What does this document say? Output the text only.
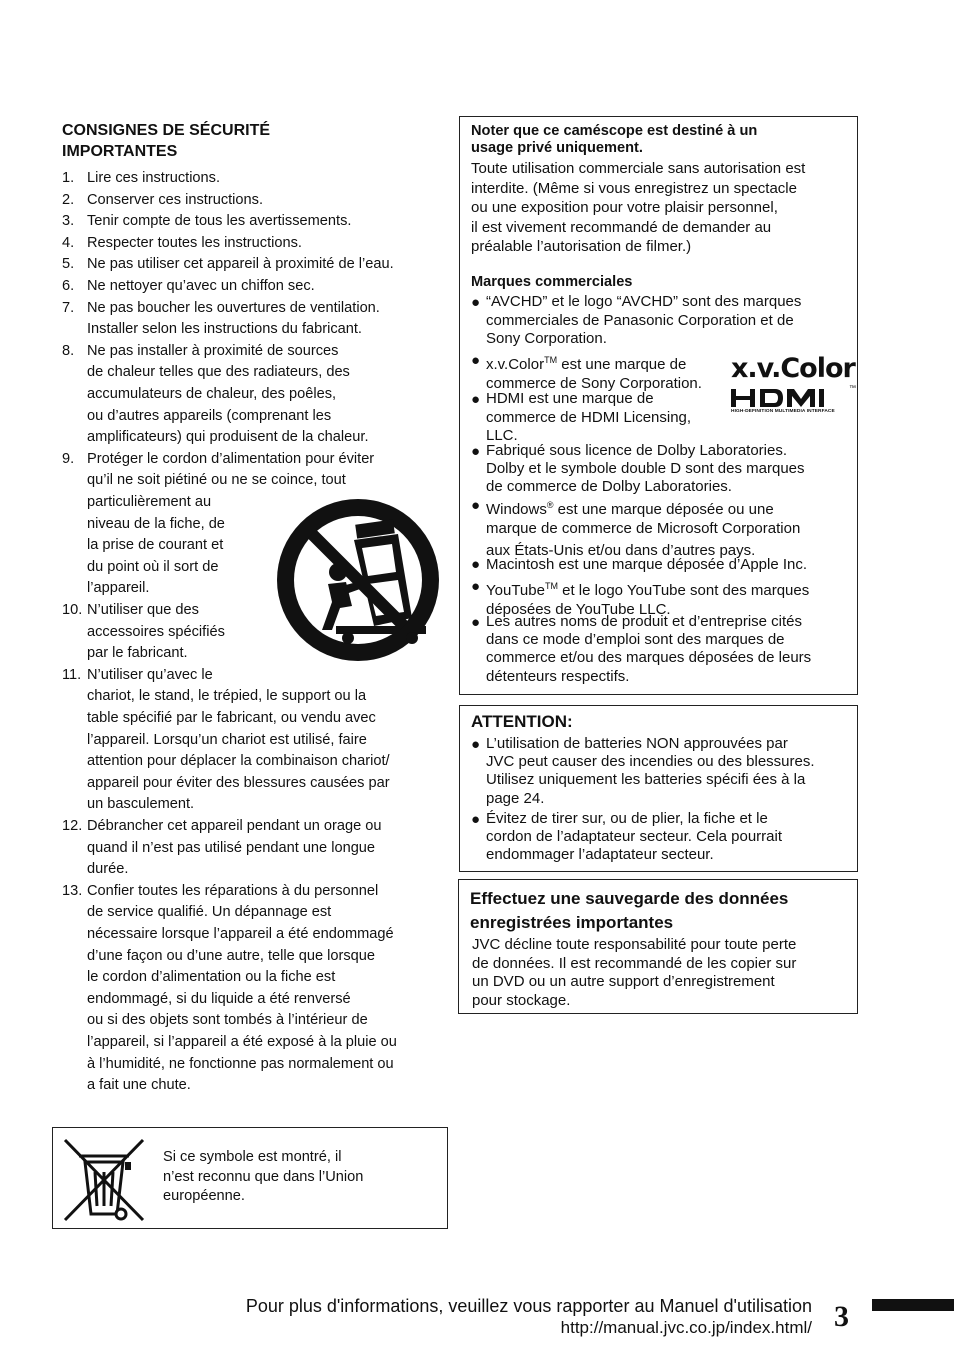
CONSIGNES DE SÉCURITÉ
IMPORTANTES
1. Lire ces instructions.
2. Conserver ces instructions.
3. Tenir compte de tous les avertissements.
4. Respecter toutes les instructions.
5. Ne pas utiliser cet appareil à proximité de l’eau.
6. Ne nettoyer qu’avec un chiffon sec.
7. Ne pas boucher les ouvertures de ventilation.
Installer selon les instructions du fabricant.
8. Ne pas installer à proximité de sources
de chaleur telles que des radiateurs, des
accumulateurs de chaleur, des poêles,
ou d’autres appareils (comprenant les
amplificateurs) qui produisent de la chaleur.
9. Protéger le cordon d’alimentation pour éviter
qu’il ne soit piétiné ou ne se coince, tout
particulièrement au
niveau de la fiche, de
la prise de courant et
du point où il sort de
l’appareil.
10. N’utiliser que des
accessoires spécifiés
par le fabricant.
11. N’utiliser qu’avec le
chariot, le stand, le trépied, le support ou la
table spécifié par le fabricant, ou vendu avec
l’appareil. Lorsqu’un chariot est utilisé, faire
attention pour déplacer la combinaison chariot/
appareil pour éviter des blessures causées par
un basculement.
12. Débrancher cet appareil pendant un orage ou
quand il n’est pas utilisé pendant une longue
durée.
13. Confier toutes les réparations à du personnel
de service qualifié. Un dépannage est
nécessaire lorsque l’appareil a été endommagé
d’une façon ou d’une autre, telle que lorsque
le cordon d’alimentation ou la fiche est
endommagé, si du liquide a été renversé
ou si des objets sont tombés à l’intérieur de
l’appareil, si l’appareil a été exposé à la pluie ou
à l’humidité, ne fonctionne pas normalement ou
a fait une chute.
Si ce symbole est montré, il
n’est reconnu que dans l’Union
européenne.
Noter que ce caméscope est destiné à un
usage privé uniquement.
Toute utilisation commerciale sans autorisation est
interdite. (Même si vous enregistrez un spectacle
ou une exposition pour votre plaisir personnel,
il est vivement recommandé de demander au
préalable l’autorisation de filmer.)
Marques commerciales
● “AVCHD” et le logo “AVCHD” sont des marques
commerciales de Panasonic Corporation et de
Sony Corporation.
● x.v.Color™ est une marque de
commerce de Sony Corporation.
● HDMI est une marque de
commerce de HDMI Licensing,
LLC.
x.v.Color
™
HIGH-DEFINITION MULTIMEDIA INTERFACE
● Fabriqué sous licence de Dolby Laboratories.
Dolby et le symbole double D sont des marques
de commerce de Dolby Laboratories.
● Windows® est une marque déposée ou une
marque de commerce de Microsoft Corporation
aux États-Unis et/ou dans d’autres pays.
● Macintosh est une marque déposée d’Apple Inc.
● YouTube™ et le logo YouTube sont des marques
déposées de YouTube LLC.
● Les autres noms de produit et d’entreprise cités
dans ce mode d’emploi sont des marques de
commerce et/ou des marques déposées de leurs
détenteurs respectifs.
ATTENTION:
● L’utilisation de batteries NON approuvées par
JVC peut causer des incendies ou des blessures.
Utilisez uniquement les batteries spécifi ées à la
page 24.
● Évitez de tirer sur, ou de plier, la fiche et le
cordon de l’adaptateur secteur. Cela pourrait
endommager l’adaptateur secteur.
Effectuez une sauvegarde des données
enregistrées importantes
JVC décline toute responsabilité pour toute perte
de données. Il est recommandé de les copier sur
un DVD ou un autre support d’enregistrement
pour stockage.
Pour plus d'informations, veuillez vous rapporter au Manuel d'utilisation
http://manual.jvc.co.jp/index.html/ 3
